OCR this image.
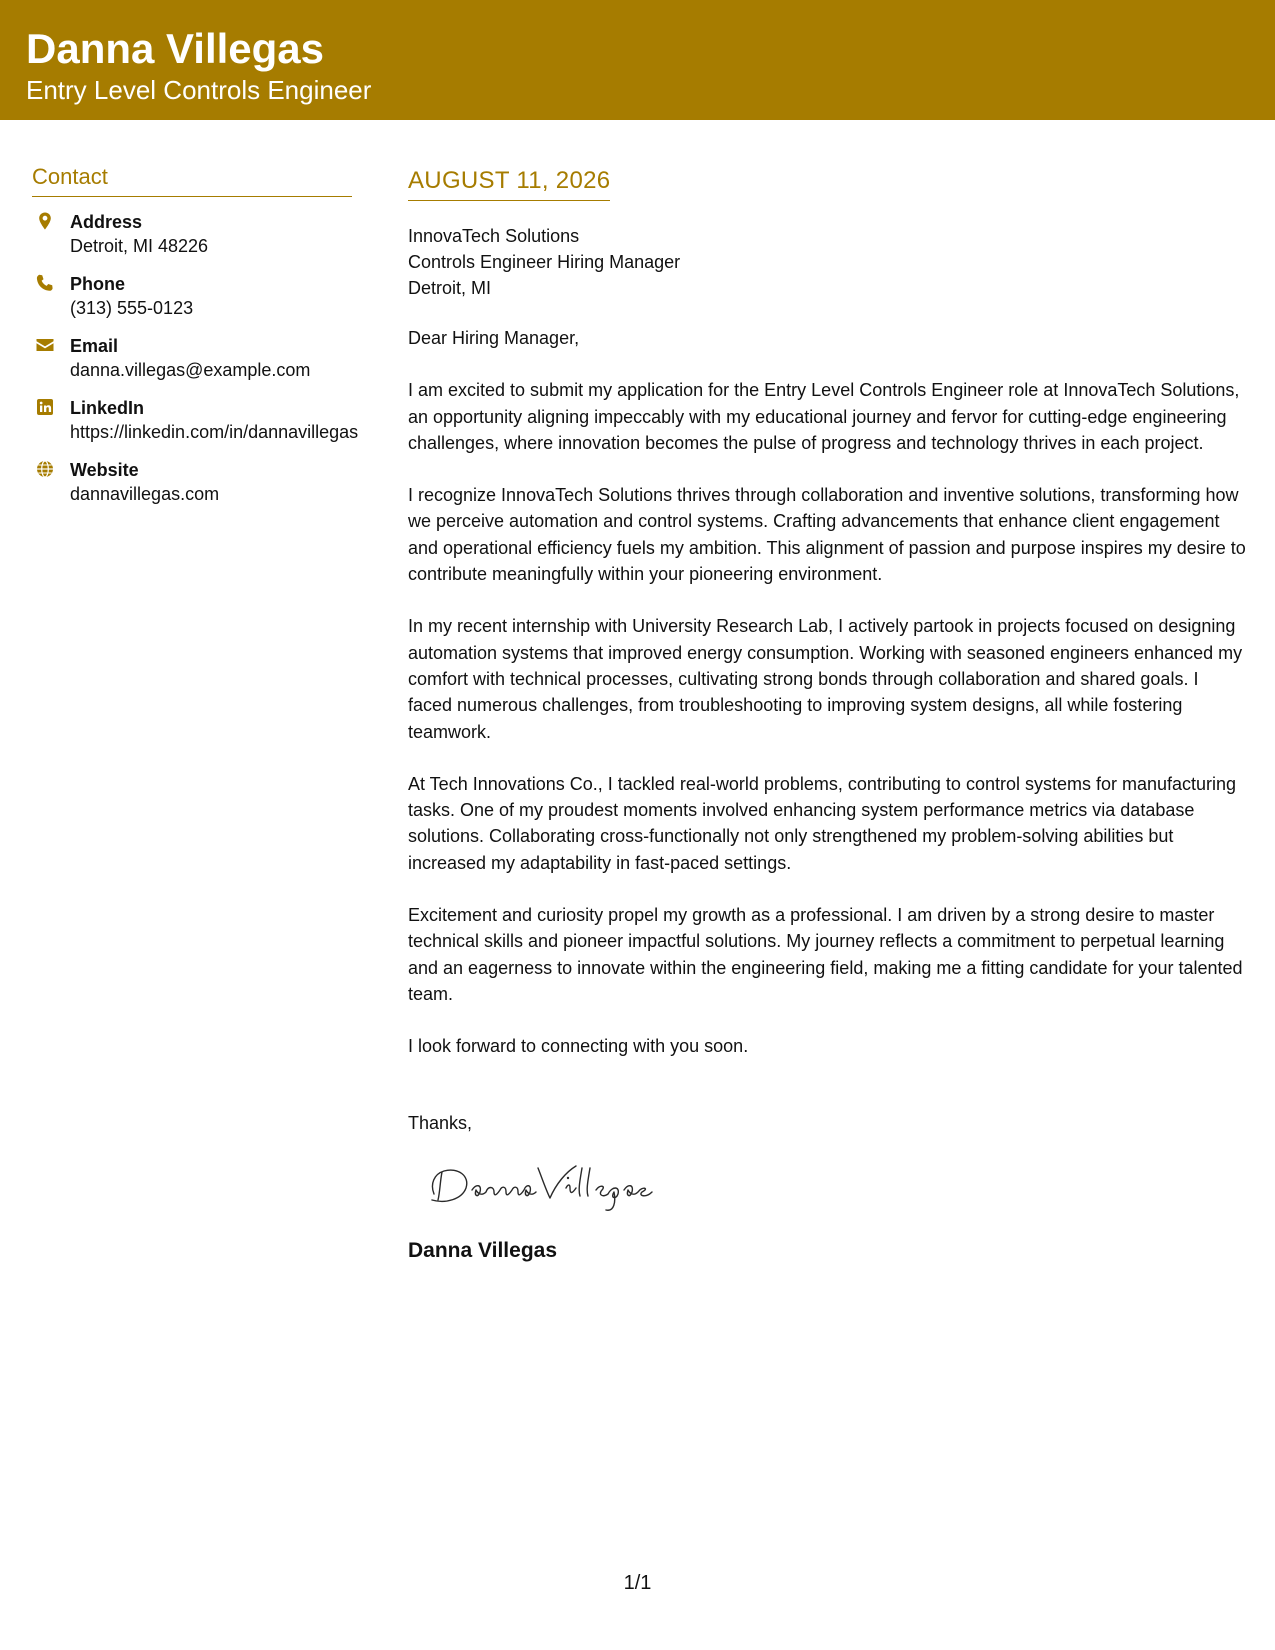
Danna Villegas
Entry Level Controls Engineer
Contact
Address
Detroit, MI 48226
Phone
(313) 555-0123
Email
danna.villegas@example.com
LinkedIn
https://linkedin.com/in/dannavillegas
Website
dannavillegas.com
AUGUST 11, 2026
InnovaTech Solutions
Controls Engineer Hiring Manager
Detroit, MI

Dear Hiring Manager,

I am excited to submit my application for the Entry Level Controls Engineer role at InnovaTech Solutions, an opportunity aligning impeccably with my educational journey and fervor for cutting-edge engineering challenges, where innovation becomes the pulse of progress and technology thrives in each project.

I recognize InnovaTech Solutions thrives through collaboration and inventive solutions, transforming how we perceive automation and control systems. Crafting advancements that enhance client engagement and operational efficiency fuels my ambition. This alignment of passion and purpose inspires my desire to contribute meaningfully within your pioneering environment.

In my recent internship with University Research Lab, I actively partook in projects focused on designing automation systems that improved energy consumption. Working with seasoned engineers enhanced my comfort with technical processes, cultivating strong bonds through collaboration and shared goals. I faced numerous challenges, from troubleshooting to improving system designs, all while fostering teamwork.

At Tech Innovations Co., I tackled real-world problems, contributing to control systems for manufacturing tasks. One of my proudest moments involved enhancing system performance metrics via database solutions. Collaborating cross-functionally not only strengthened my problem-solving abilities but increased my adaptability in fast-paced settings.

Excitement and curiosity propel my growth as a professional. I am driven by a strong desire to master technical skills and pioneer impactful solutions. My journey reflects a commitment to perpetual learning and an eagerness to innovate within the engineering field, making me a fitting candidate for your talented team.

I look forward to connecting with you soon.

Thanks,
Danna Villegas
1/1
